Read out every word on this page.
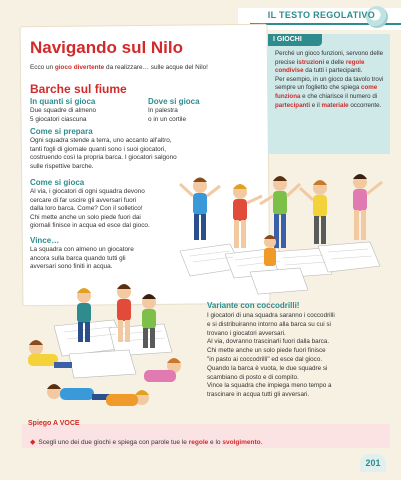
IL TESTO REGOLATIVO
Navigando sul Nilo
Ecco un gioco divertente da realizzare… sulle acque del Nilo!
Barche sul fiume
In quanti si gioca
Due squadre di almeno
5 giocatori ciascuna
Dove si gioca
In palestra
o in un cortile
Come si prepara
Ogni squadra stende a terra, uno accanto all'altro,
tanti fogli di giornale quanti sono i suoi giocatori,
costruendo così la propria barca. I giocatori salgono
sulle rispettive barche.
Come si gioca
Al via, i giocatori di ogni squadra devono
cercare di far uscire gli avversari fuori
dalla loro barca. Come? Con il solletico!
Chi mette anche un solo piede fuori dai
giornali finisce in acqua ed esce dal gioco.
Vince…
La squadra con almeno un giocatore
ancora sulla barca quando tutti gli
avversari sono finiti in acqua.
I GIOCHI

Perché un gioco funzioni, servono delle precise istruzioni e delle regole condivise da tutti i partecipanti.

Per esempio, in un gioco da tavolo trovi sempre un foglietto che spiega come funziona e che chiarisce il numero di partecipanti e il materiale occorrente.

Variante con coccodrilli!
I giocatori di una squadra saranno i coccodrilli
e si distribuiranno intorno alla barca su cui si
trovano i giocatori avversari.
Al via, dovranno trascinarli fuori dalla barca.
Chi mette anche un solo piede fuori finisce
"in pasto ai coccodrilli" ed esce dal gioco.
Quando la barca è vuota, le due squadre si
scambiano di posto e di compito.
Vince la squadra che impiega meno tempo a
trascinare in acqua tutti gli avversari.
Spiego A VOCE
◆ Scegli uno dei due giochi e spiega con parole tue le regole e lo svolgimento.
201
